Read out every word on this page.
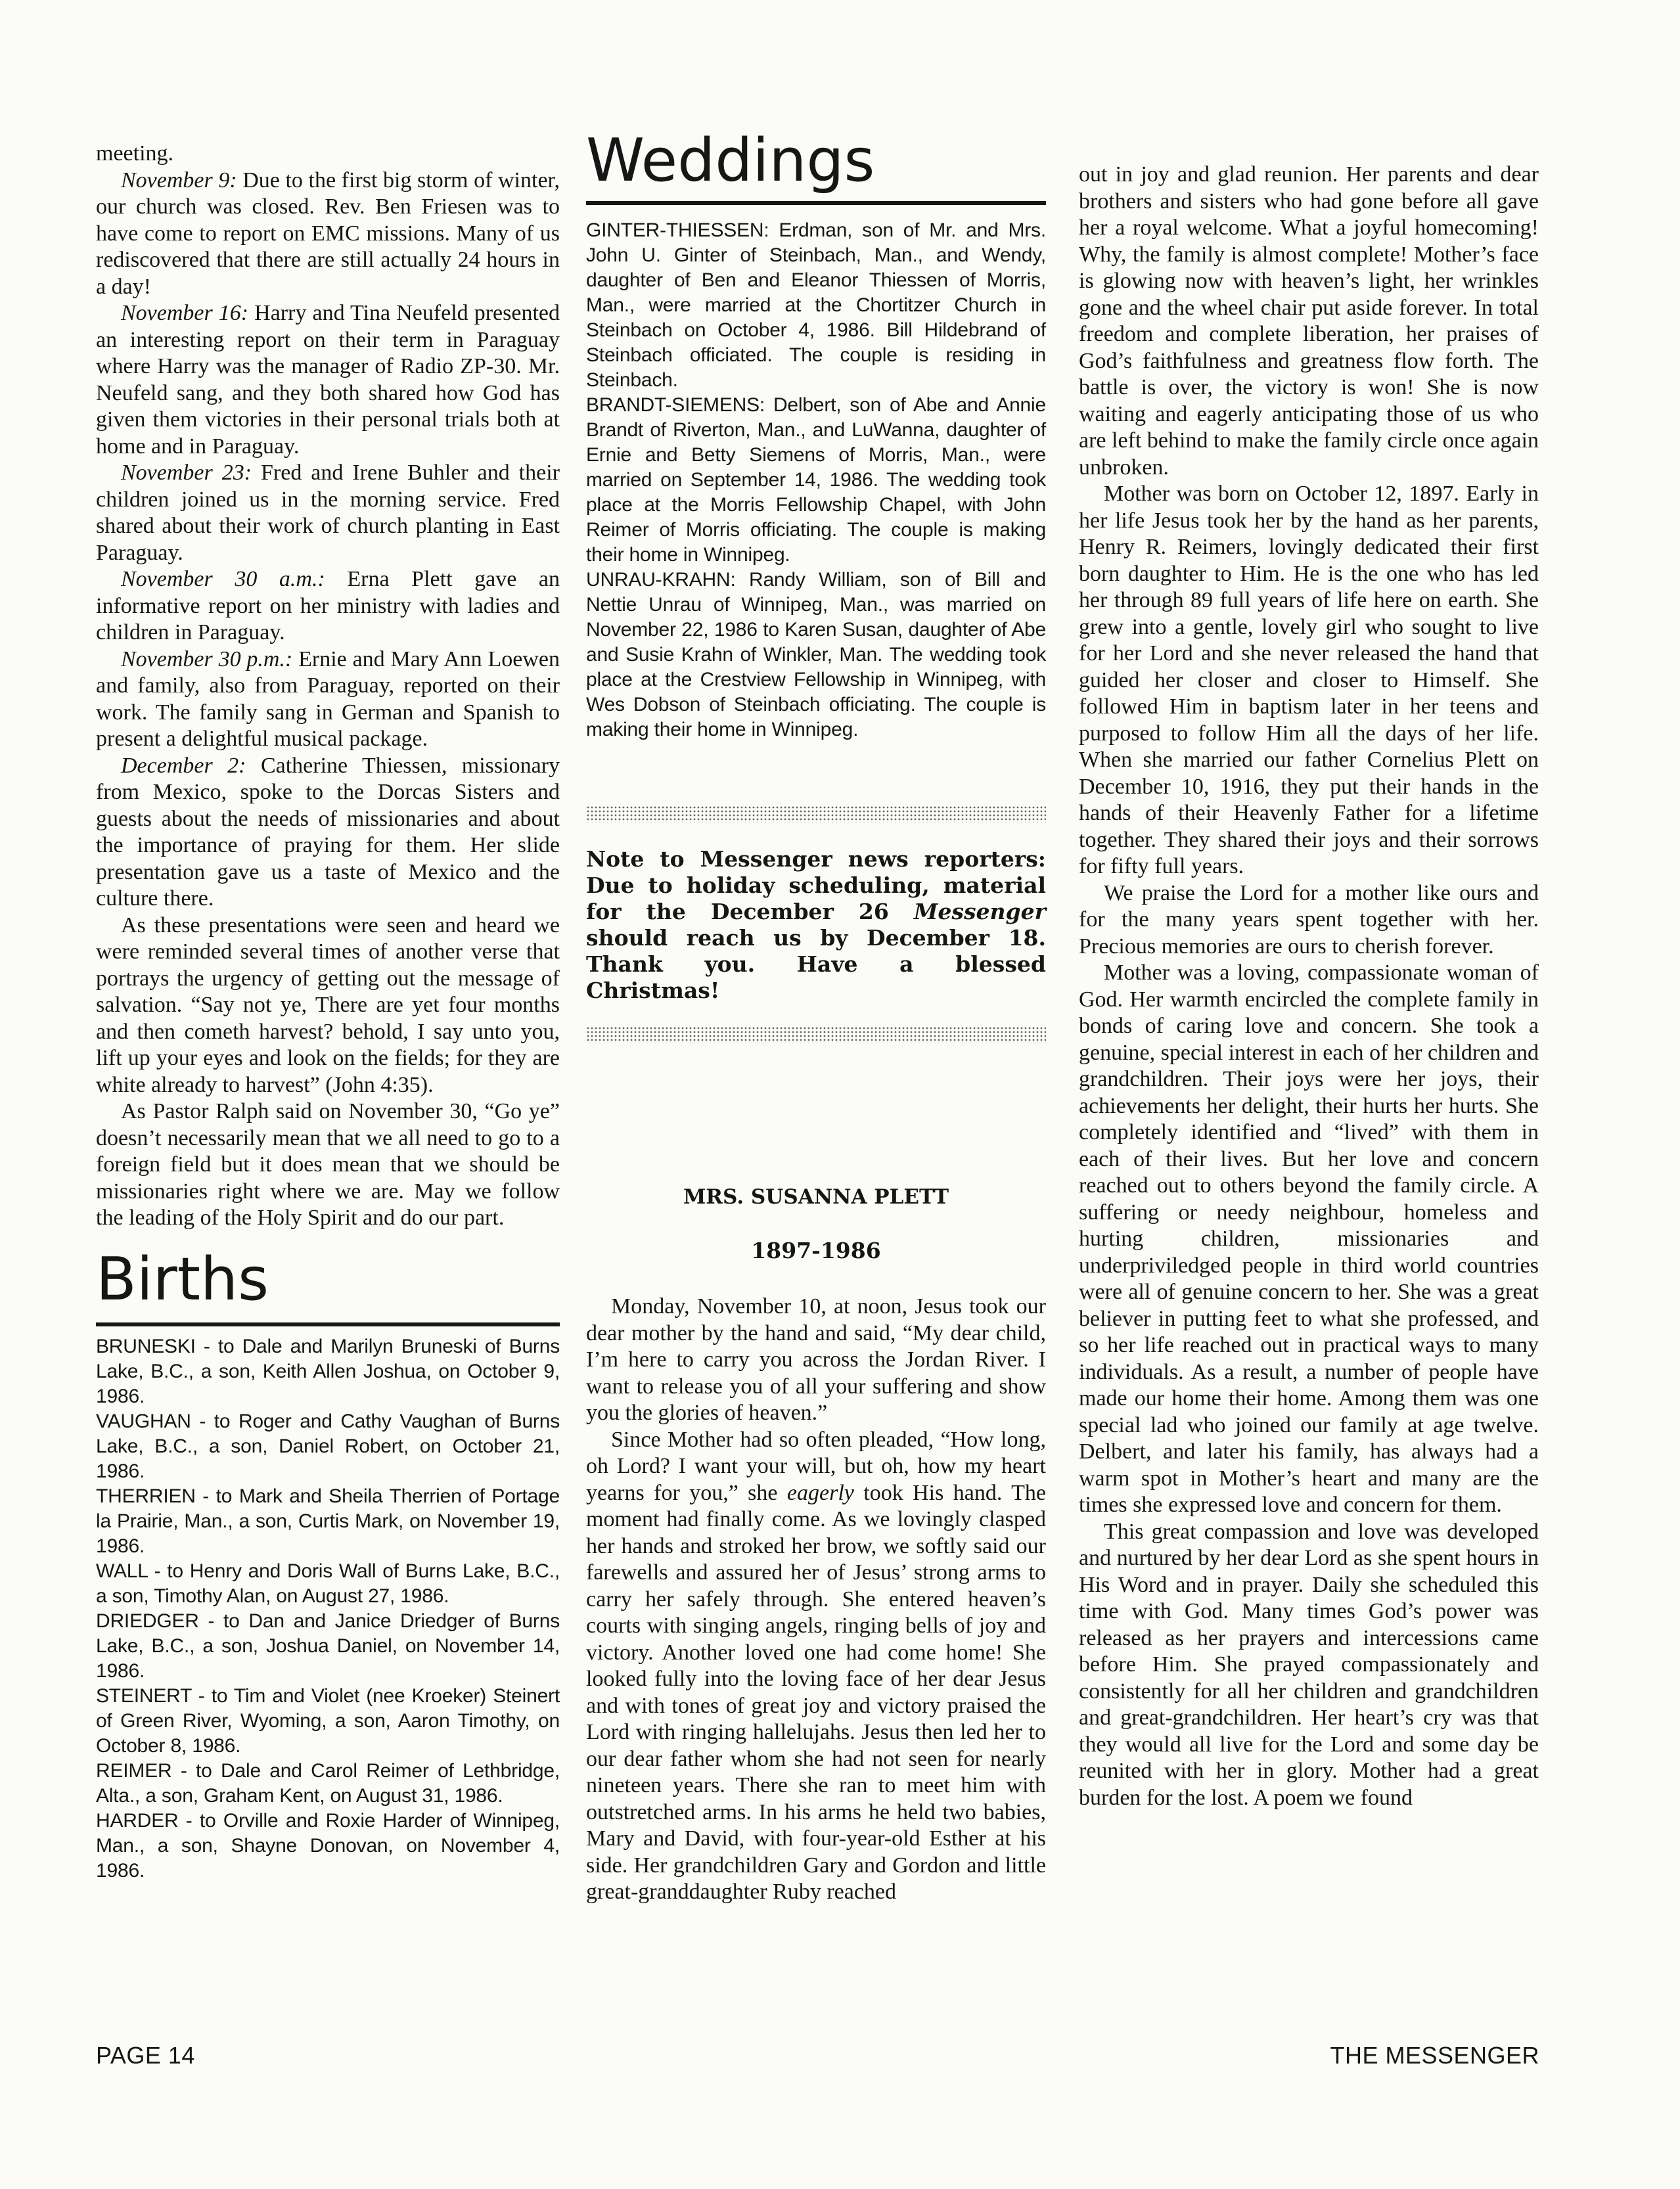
meeting.

November 9: Due to the first big storm of winter, our church was closed. Rev. Ben Friesen was to have come to report on EMC missions. Many of us rediscovered that there are still actually 24 hours in a day!

November 16: Harry and Tina Neufeld presented an interesting report on their term in Paraguay where Harry was the manager of Radio ZP-30. Mr. Neufeld sang, and they both shared how God has given them victories in their personal trials both at home and in Paraguay.

November 23: Fred and Irene Buhler and their children joined us in the morning service. Fred shared about their work of church planting in East Paraguay.

November 30 a.m.: Erna Plett gave an informative report on her ministry with ladies and children in Paraguay.

November 30 p.m.: Ernie and Mary Ann Loewen and family, also from Paraguay, reported on their work. The family sang in German and Spanish to present a delightful musical package.

December 2: Catherine Thiessen, missionary from Mexico, spoke to the Dorcas Sisters and guests about the needs of missionaries and about the importance of praying for them. Her slide presentation gave us a taste of Mexico and the culture there.

As these presentations were seen and heard we were reminded several times of another verse that portrays the urgency of getting out the message of salvation. “Say not ye, There are yet four months and then cometh harvest? behold, I say unto you, lift up your eyes and look on the fields; for they are white already to harvest” (John 4:35).

As Pastor Ralph said on November 30, “Go ye” doesn’t necessarily mean that we all need to go to a foreign field but it does mean that we should be missionaries right where we are. May we follow the leading of the Holy Spirit and do our part.

Births

BRUNESKI - to Dale and Marilyn Bruneski of Burns Lake, B.C., a son, Keith Allen Joshua, on October 9, 1986.

VAUGHAN - to Roger and Cathy Vaughan of Burns Lake, B.C., a son, Daniel Robert, on October 21, 1986.

THERRIEN - to Mark and Sheila Therrien of Portage la Prairie, Man., a son, Curtis Mark, on November 19, 1986.

WALL - to Henry and Doris Wall of Burns Lake, B.C., a son, Timothy Alan, on August 27, 1986.

DRIEDGER - to Dan and Janice Driedger of Burns Lake, B.C., a son, Joshua Daniel, on November 14, 1986.

STEINERT - to Tim and Violet (nee Kroeker) Steinert of Green River, Wyoming, a son, Aaron Timothy, on October 8, 1986.

REIMER - to Dale and Carol Reimer of Lethbridge, Alta., a son, Graham Kent, on August 31, 1986.

HARDER - to Orville and Roxie Harder of Winnipeg, Man., a son, Shayne Donovan, on November 4, 1986.

Weddings

GINTER-THIESSEN: Erdman, son of Mr. and Mrs. John U. Ginter of Steinbach, Man., and Wendy, daughter of Ben and Eleanor Thiessen of Morris, Man., were married at the Chortitzer Church in Steinbach on October 4, 1986. Bill Hildebrand of Steinbach officiated. The couple is residing in Steinbach.

BRANDT-SIEMENS: Delbert, son of Abe and Annie Brandt of Riverton, Man., and LuWanna, daughter of Ernie and Betty Siemens of Morris, Man., were married on September 14, 1986. The wedding took place at the Morris Fellowship Chapel, with John Reimer of Morris officiating. The couple is making their home in Winnipeg.

UNRAU-KRAHN: Randy William, son of Bill and Nettie Unrau of Winnipeg, Man., was married on November 22, 1986 to Karen Susan, daughter of Abe and Susie Krahn of Winkler, Man. The wedding took place at the Crestview Fellowship in Winnipeg, with Wes Dobson of Steinbach officiating. The couple is making their home in Winnipeg.

Note to Messenger news reporters: Due to holiday scheduling, material for the December 26 Messenger should reach us by December 18. Thank you. Have a blessed Christmas!

MRS. SUSANNA PLETT
1897-1986

Monday, November 10, at noon, Jesus took our dear mother by the hand and said, “My dear child, I’m here to carry you across the Jordan River. I want to release you of all your suffering and show you the glories of heaven.”

Since Mother had so often pleaded, “How long, oh Lord? I want your will, but oh, how my heart yearns for you,” she eagerly took His hand. The moment had finally come. As we lovingly clasped her hands and stroked her brow, we softly said our farewells and assured her of Jesus’ strong arms to carry her safely through. She entered heaven’s courts with singing angels, ringing bells of joy and victory. Another loved one had come home! She looked fully into the loving face of her dear Jesus and with tones of great joy and victory praised the Lord with ringing hallelujahs. Jesus then led her to our dear father whom she had not seen for nearly nineteen years. There she ran to meet him with outstretched arms. In his arms he held two babies, Mary and David, with four-year-old Esther at his side. Her grandchildren Gary and Gordon and little great-granddaughter Ruby reached

out in joy and glad reunion. Her parents and dear brothers and sisters who had gone before all gave her a royal welcome. What a joyful homecoming! Why, the family is almost complete! Mother’s face is glowing now with heaven’s light, her wrinkles gone and the wheel chair put aside forever. In total freedom and complete liberation, her praises of God’s faithfulness and greatness flow forth. The battle is over, the victory is won! She is now waiting and eagerly anticipating those of us who are left behind to make the family circle once again unbroken.

Mother was born on October 12, 1897. Early in her life Jesus took her by the hand as her parents, Henry R. Reimers, lovingly dedicated their first born daughter to Him. He is the one who has led her through 89 full years of life here on earth. She grew into a gentle, lovely girl who sought to live for her Lord and she never released the hand that guided her closer and closer to Himself. She followed Him in baptism later in her teens and purposed to follow Him all the days of her life. When she married our father Cornelius Plett on December 10, 1916, they put their hands in the hands of their Heavenly Father for a lifetime together. They shared their joys and their sorrows for fifty full years.

We praise the Lord for a mother like ours and for the many years spent together with her. Precious memories are ours to cherish forever.

Mother was a loving, compassionate woman of God. Her warmth encircled the complete family in bonds of caring love and concern. She took a genuine, special interest in each of her children and grandchildren. Their joys were her joys, their achievements her delight, their hurts her hurts. She completely identified and “lived” with them in each of their lives. But her love and concern reached out to others beyond the family circle. A suffering or needy neighbour, homeless and hurting children, missionaries and underpriviledged people in third world countries were all of genuine concern to her. She was a great believer in putting feet to what she professed, and so her life reached out in practical ways to many individuals. As a result, a number of people have made our home their home. Among them was one special lad who joined our family at age twelve. Delbert, and later his family, has always had a warm spot in Mother’s heart and many are the times she expressed love and concern for them.

This great compassion and love was developed and nurtured by her dear Lord as she spent hours in His Word and in prayer. Daily she scheduled this time with God. Many times God’s power was released as her prayers and intercessions came before Him. She prayed compassionately and consistently for all her children and grandchildren and great-grandchildren. Her heart’s cry was that they would all live for the Lord and some day be reunited with her in glory. Mother had a great burden for the lost. A poem we found

PAGE 14	THE MESSENGER
